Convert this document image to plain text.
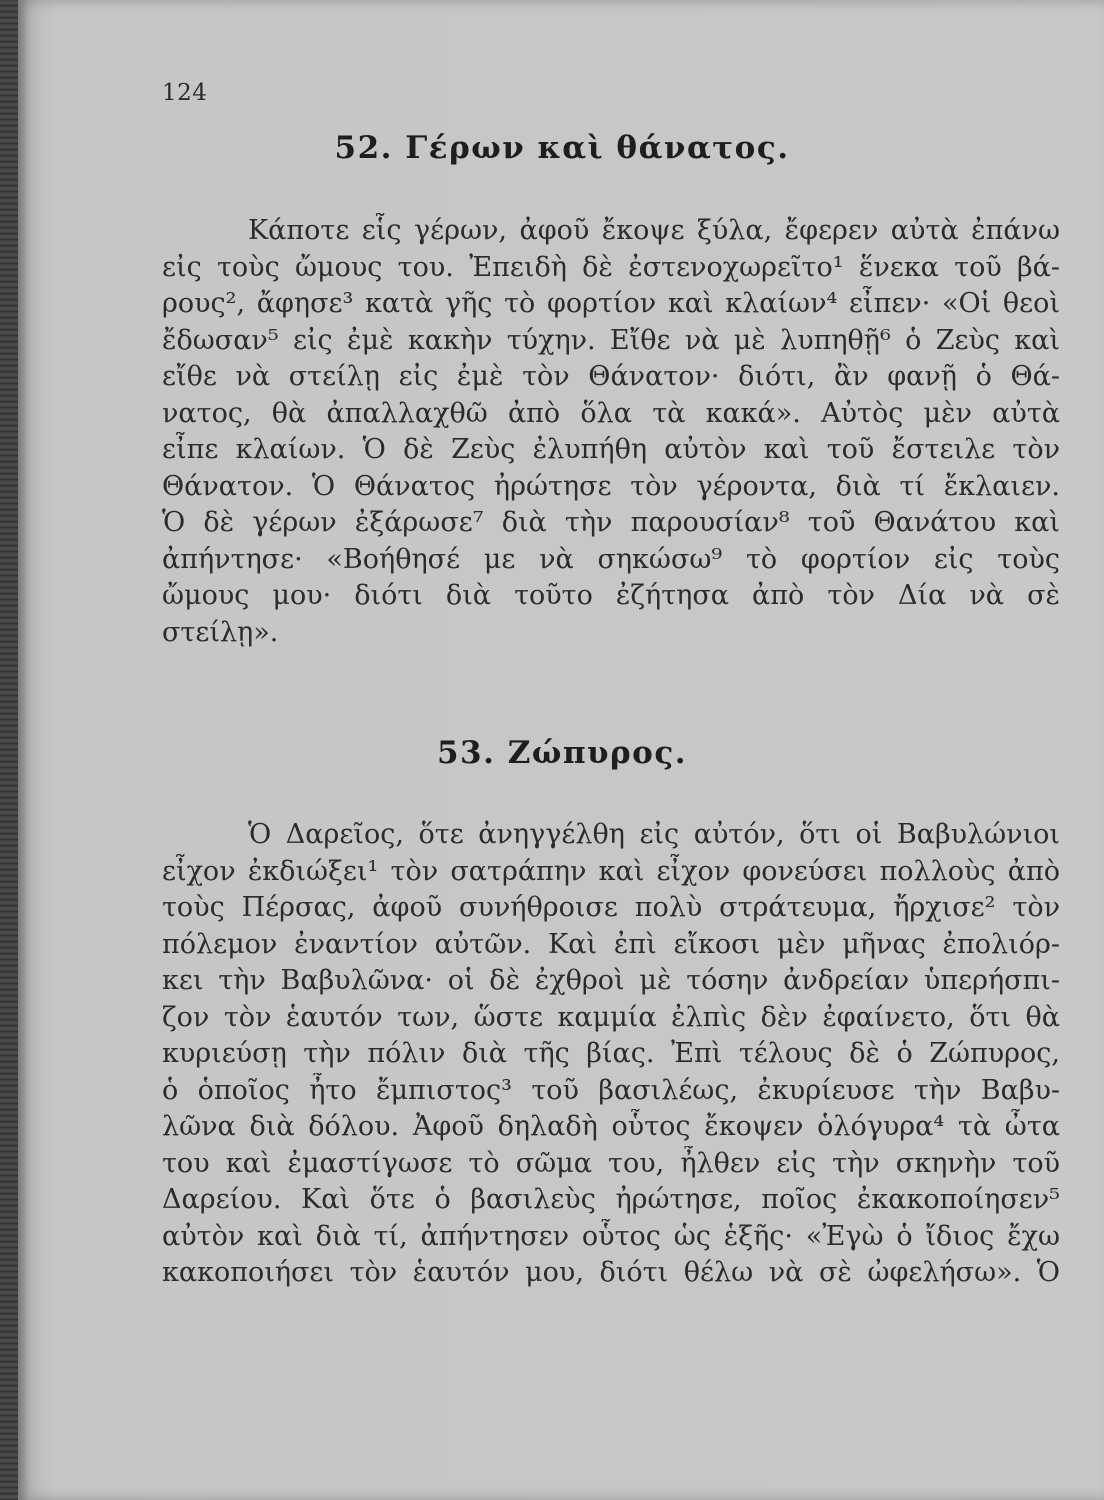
124
52. Γέρων καὶ θάνατος.
Κάποτε εἷς γέρων, ἀφοῦ ἔκοψε ξύλα, ἔφερεν αὐτὰ ἐπάνω
εἰς τοὺς ὤμους του. Ἐπειδὴ δὲ ἐστενοχωρεῖτο¹ ἕνεκα τοῦ βά-
ρους², ἄφησε³ κατὰ γῆς τὸ φορτίον καὶ κλαίων⁴ εἶπεν· «Οἱ θεοὶ
ἔδωσαν⁵ εἰς ἐμὲ κακὴν τύχην. Εἴθε νὰ μὲ λυπηθῇ⁶ ὁ Ζεὺς καὶ
εἴθε νὰ στείλῃ εἰς ἐμὲ τὸν Θάνατον· διότι, ἂν φανῇ ὁ Θά-
νατος, θὰ ἀπαλλαχθῶ ἀπὸ ὅλα τὰ κακά». Αὐτὸς μὲν αὐτὰ
εἶπε κλαίων. Ὁ δὲ Ζεὺς ἐλυπήθη αὐτὸν καὶ τοῦ ἔστειλε τὸν
Θάνατον. Ὁ Θάνατος ἠρώτησε τὸν γέροντα, διὰ τί ἔκλαιεν.
Ὁ δὲ γέρων ἐξάρωσε⁷ διὰ τὴν παρουσίαν⁸ τοῦ Θανάτου καὶ
ἀπήντησε· «Βοήθησέ με νὰ σηκώσω⁹ τὸ φορτίον εἰς τοὺς
ὤμους μου· διότι διὰ τοῦτο ἐζήτησα ἀπὸ τὸν Δία νὰ σὲ
στείλῃ».
53. Ζώπυρος.
Ὁ Δαρεῖος, ὅτε ἀνηγγέλθη εἰς αὐτόν, ὅτι οἱ Βαβυλώνιοι
εἶχον ἐκδιώξει¹ τὸν σατράπην καὶ εἶχον φονεύσει πολλοὺς ἀπὸ
τοὺς Πέρσας, ἀφοῦ συνήθροισε πολὺ στράτευμα, ἤρχισε² τὸν
πόλεμον ἐναντίον αὐτῶν. Καὶ ἐπὶ εἴκοσι μὲν μῆνας ἐπολιόρ-
κει τὴν Βαβυλῶνα· οἱ δὲ ἐχθροὶ μὲ τόσην ἀνδρείαν ὑπερήσπι-
ζον τὸν ἑαυτόν των, ὥστε καμμία ἐλπὶς δὲν ἐφαίνετο, ὅτι θὰ
κυριεύσῃ τὴν πόλιν διὰ τῆς βίας. Ἐπὶ τέλους δὲ ὁ Ζώπυρος,
ὁ ὁποῖος ἦτο ἔμπιστος³ τοῦ βασιλέως, ἐκυρίευσε τὴν Βαβυ-
λῶνα διὰ δόλου. Ἀφοῦ δηλαδὴ οὗτος ἔκοψεν ὁλόγυρα⁴ τὰ ὦτα
του καὶ ἐμαστίγωσε τὸ σῶμα του, ἦλθεν εἰς τὴν σκηνὴν τοῦ
Δαρείου. Καὶ ὅτε ὁ βασιλεὺς ἠρώτησε, ποῖος ἐκακοποίησεν⁵
αὐτὸν καὶ διὰ τί, ἀπήντησεν οὗτος ὡς ἑξῆς· «Ἐγὼ ὁ ἴδιος ἔχω
κακοποιήσει τὸν ἑαυτόν μου, διότι θέλω νὰ σὲ ὠφελήσω». Ὁ
